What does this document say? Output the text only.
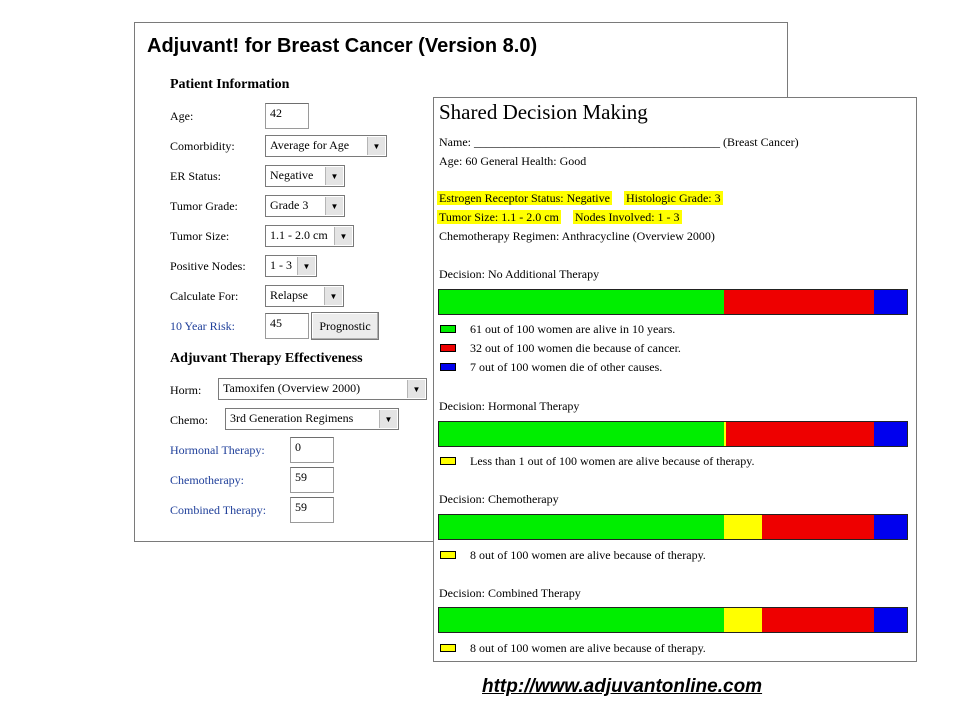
Adjuvant! for Breast Cancer (Version 8.0)
Patient Information
Age:	42
Comorbidity:	Average for Age	▼
ER Status:	Negative	▼
Tumor Grade:	Grade 3	▼
Tumor Size:	1.1 - 2.0 cm	▼
Positive Nodes:	1 - 3	▼
Calculate For:	Relapse	▼
10 Year Risk:	45	Prognostic
Adjuvant Therapy Effectiveness
Horm:	Tamoxifen (Overview 2000)	▼
Chemo:	3rd Generation Regimens	▼
Hormonal Therapy:	0
Chemotherapy:	59
Combined Therapy:	59
Shared Decision Making
Name: _________________________________________ (Breast Cancer)
Age: 60 General Health: Good
Estrogen Receptor Status: Negative Histologic Grade: 3
Tumor Size: 1.1 - 2.0 cm Nodes Involved: 1 - 3
Chemotherapy Regimen: Anthracycline (Overview 2000)
Decision: No Additional Therapy
61 out of 100 women are alive in 10 years.
32 out of 100 women die because of cancer.
7 out of 100 women die of other causes.
Decision: Hormonal Therapy
Less than 1 out of 100 women are alive because of therapy.
Decision: Chemotherapy
8 out of 100 women are alive because of therapy.
Decision: Combined Therapy
8 out of 100 women are alive because of therapy.
http://www.adjuvantonline.com
